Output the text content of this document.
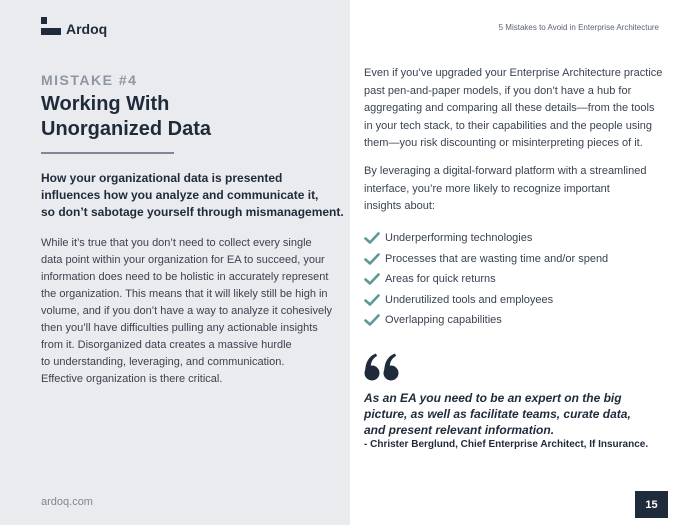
Ardoq
MISTAKE #4
Working With
Unorganized Data
How your organizational data is presented
influences how you analyze and communicate it,
so don’t sabotage yourself through mismanagement.
While it’s true that you don’t need to collect every single
data point within your organization for EA to succeed, your
information does need to be holistic in accurately represent
the organization. This means that it will likely still be high in
volume, and if you don’t have a way to analyze it cohesively
then you’ll have difficulties pulling any actionable insights
from it. Disorganized data creates a massive hurdle
to understanding, leveraging, and communication.
Effective organization is there critical.
ardoq.com
5 Mistakes to Avoid in Enterprise Architecture
Even if you’ve upgraded your Enterprise Architecture practice
past pen-and-paper models, if you don’t have a hub for
aggregating and comparing all these details—from the tools
in your tech stack, to their capabilities and the people using
them—you risk discounting or misinterpreting pieces of it.
By leveraging a digital-forward platform with a streamlined
interface, you’re more likely to recognize important
insights about:
Underperforming technologies
Processes that are wasting time and/or spend
Areas for quick returns
Underutilized tools and employees
Overlapping capabilities
As an EA you need to be an expert on the big
picture, as well as facilitate teams, curate data,
and present relevant information.
- Christer Berglund, Chief Enterprise Architect, If Insurance.
15
